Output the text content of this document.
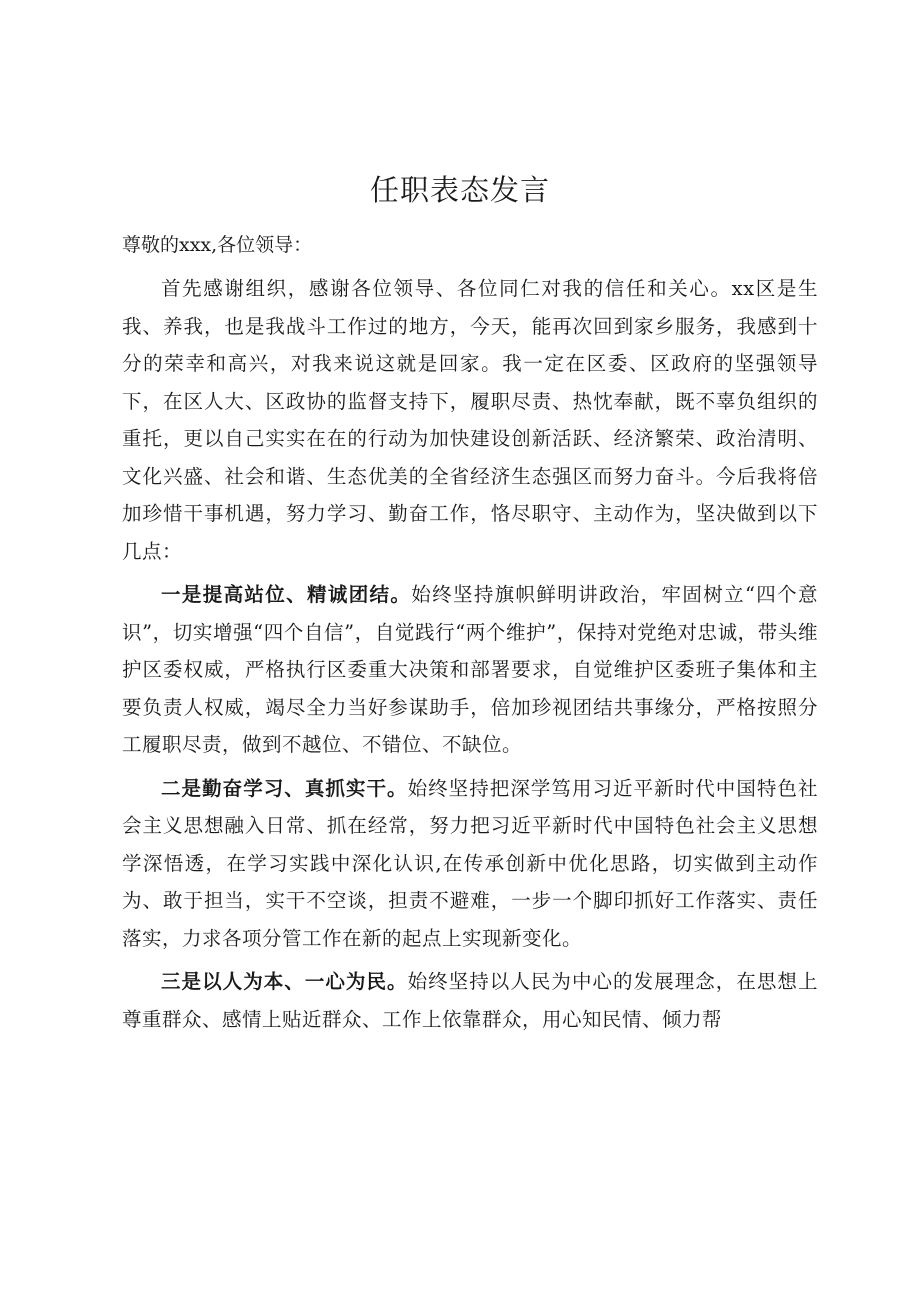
任职表态发言

尊敬的xxx,各位领导：

首先感谢组织，感谢各位领导、各位同仁对我的信任和关心。xx区是生我、养我，也是我战斗工作过的地方，今天，能再次回到家乡服务，我感到十分的荣幸和高兴，对我来说这就是回家。我一定在区委、区政府的坚强领导下，在区人大、区政协的监督支持下，履职尽责、热忱奉献，既不辜负组织的重托，更以自己实实在在的行动为加快建设创新活跃、经济繁荣、政治清明、文化兴盛、社会和谐、生态优美的全省经济生态强区而努力奋斗。今后我将倍加珍惜干事机遇，努力学习、勤奋工作，恪尽职守、主动作为，坚决做到以下几点：

一是提高站位、精诚团结。始终坚持旗帜鲜明讲政治，牢固树立“四个意识”，切实增强“四个自信”，自觉践行“两个维护”，保持对党绝对忠诚，带头维护区委权威，严格执行区委重大决策和部署要求，自觉维护区委班子集体和主要负责人权威，竭尽全力当好参谋助手，倍加珍视团结共事缘分，严格按照分工履职尽责，做到不越位、不错位、不缺位。

二是勤奋学习、真抓实干。始终坚持把深学笃用习近平新时代中国特色社会主义思想融入日常、抓在经常，努力把习近平新时代中国特色社会主义思想学深悟透，在学习实践中深化认识,在传承创新中优化思路，切实做到主动作为、敢于担当，实干不空谈，担责不避难，一步一个脚印抓好工作落实、责任落实，力求各项分管工作在新的起点上实现新变化。

三是以人为本、一心为民。始终坚持以人民为中心的发展理念，在思想上尊重群众、感情上贴近群众、工作上依靠群众，用心知民情、倾力帮
